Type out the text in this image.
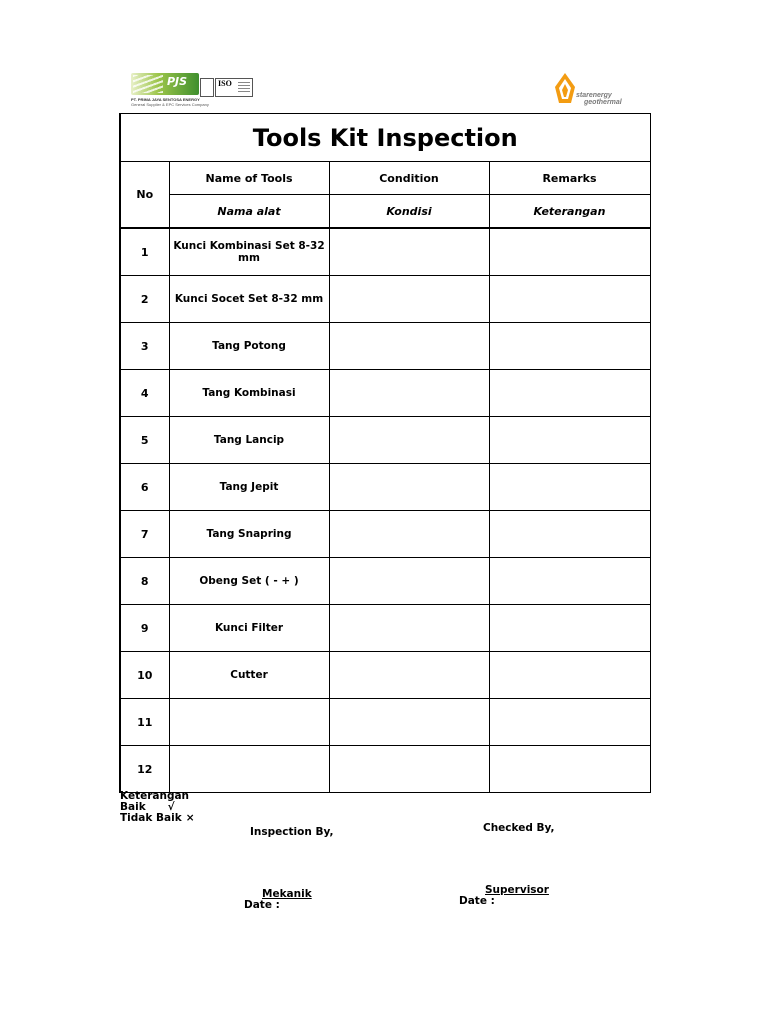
PJS	ISO
PT. PRIMA JAYA SENTOSA ENERGY
General Supplier & EPC Services Company
starenergy
geothermal
Tools Kit Inspection			
No	Name of Tools	Condition	Remarks
	Nama alat	Kondisi	Keterangan
1	Kunci Kombinasi Set 8-32 mm		
2	Kunci Socet Set 8-32 mm		
3	Tang Potong		
4	Tang Kombinasi		
5	Tang Lancip		
6	Tang Jepit		
7	Tang Snapring		
8	Obeng Set ( - + )		
9	Kunci Filter		
10	Cutter		
11			
12			
Keterangan
Baik √
Tidak Baik ×
Inspection By,	Checked By,
Mekanik
Date :
Supervisor
Date :
